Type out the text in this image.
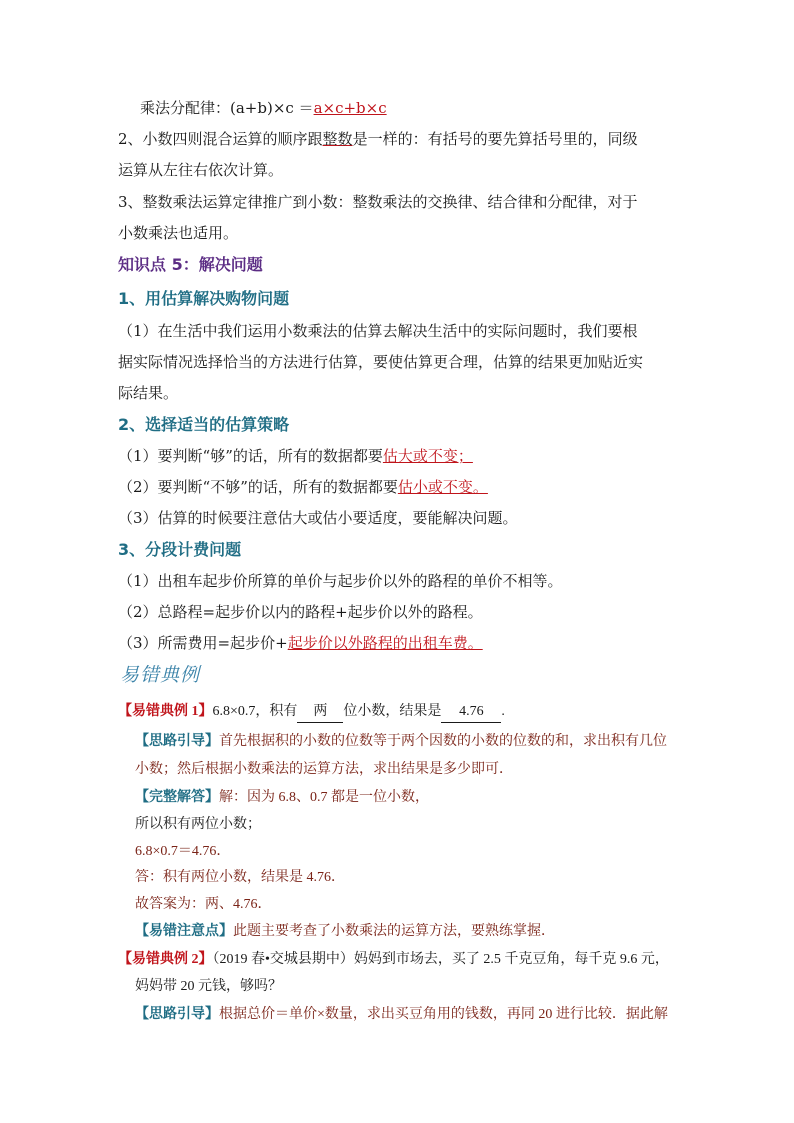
乘法分配律：(a+b)×c ＝a×c+b×c
2、小数四则混合运算的顺序跟整数是一样的：有括号的要先算括号里的，同级
运算从左往右依次计算。
3、整数乘法运算定律推广到小数：整数乘法的交换律、结合律和分配律，对于
小数乘法也适用。
知识点 5：解决问题
1、用估算解决购物问题
（1）在生活中我们运用小数乘法的估算去解决生活中的实际问题时，我们要根
据实际情况选择恰当的方法进行估算，要使估算更合理，估算的结果更加贴近实
际结果。
2、选择适当的估算策略
（1）要判断“够”的话，所有的数据都要估大或不变；
（2）要判断“不够”的话，所有的数据都要估小或不变。
（3）估算的时候要注意估大或估小要适度，要能解决问题。
3、分段计费问题
（1）出租车起步价所算的单价与起步价以外的路程的单价不相等。
（2）总路程=起步价以内的路程+起步价以外的路程。
（3）所需费用=起步价+起步价以外路程的出租车费。
易错典例
【易错典例 1】6.8×0.7，积有 两 位小数，结果是 4.76 .
【思路引导】首先根据积的小数的位数等于两个因数的小数的位数的和，求出积有几位
小数；然后根据小数乘法的运算方法，求出结果是多少即可．
【完整解答】解：因为 6.8、0.7 都是一位小数，
所以积有两位小数；
6.8×0.7＝4.76．
答：积有两位小数，结果是 4.76．
故答案为：两、4.76．
【易错注意点】此题主要考查了小数乘法的运算方法，要熟练掌握．
【易错典例 2】（2019 春•交城县期中）妈妈到市场去，买了 2.5 千克豆角，每千克 9.6 元，
妈妈带 20 元钱，够吗？
【思路引导】根据总价＝单价×数量，求出买豆角用的钱数，再同 20 进行比较．据此解
